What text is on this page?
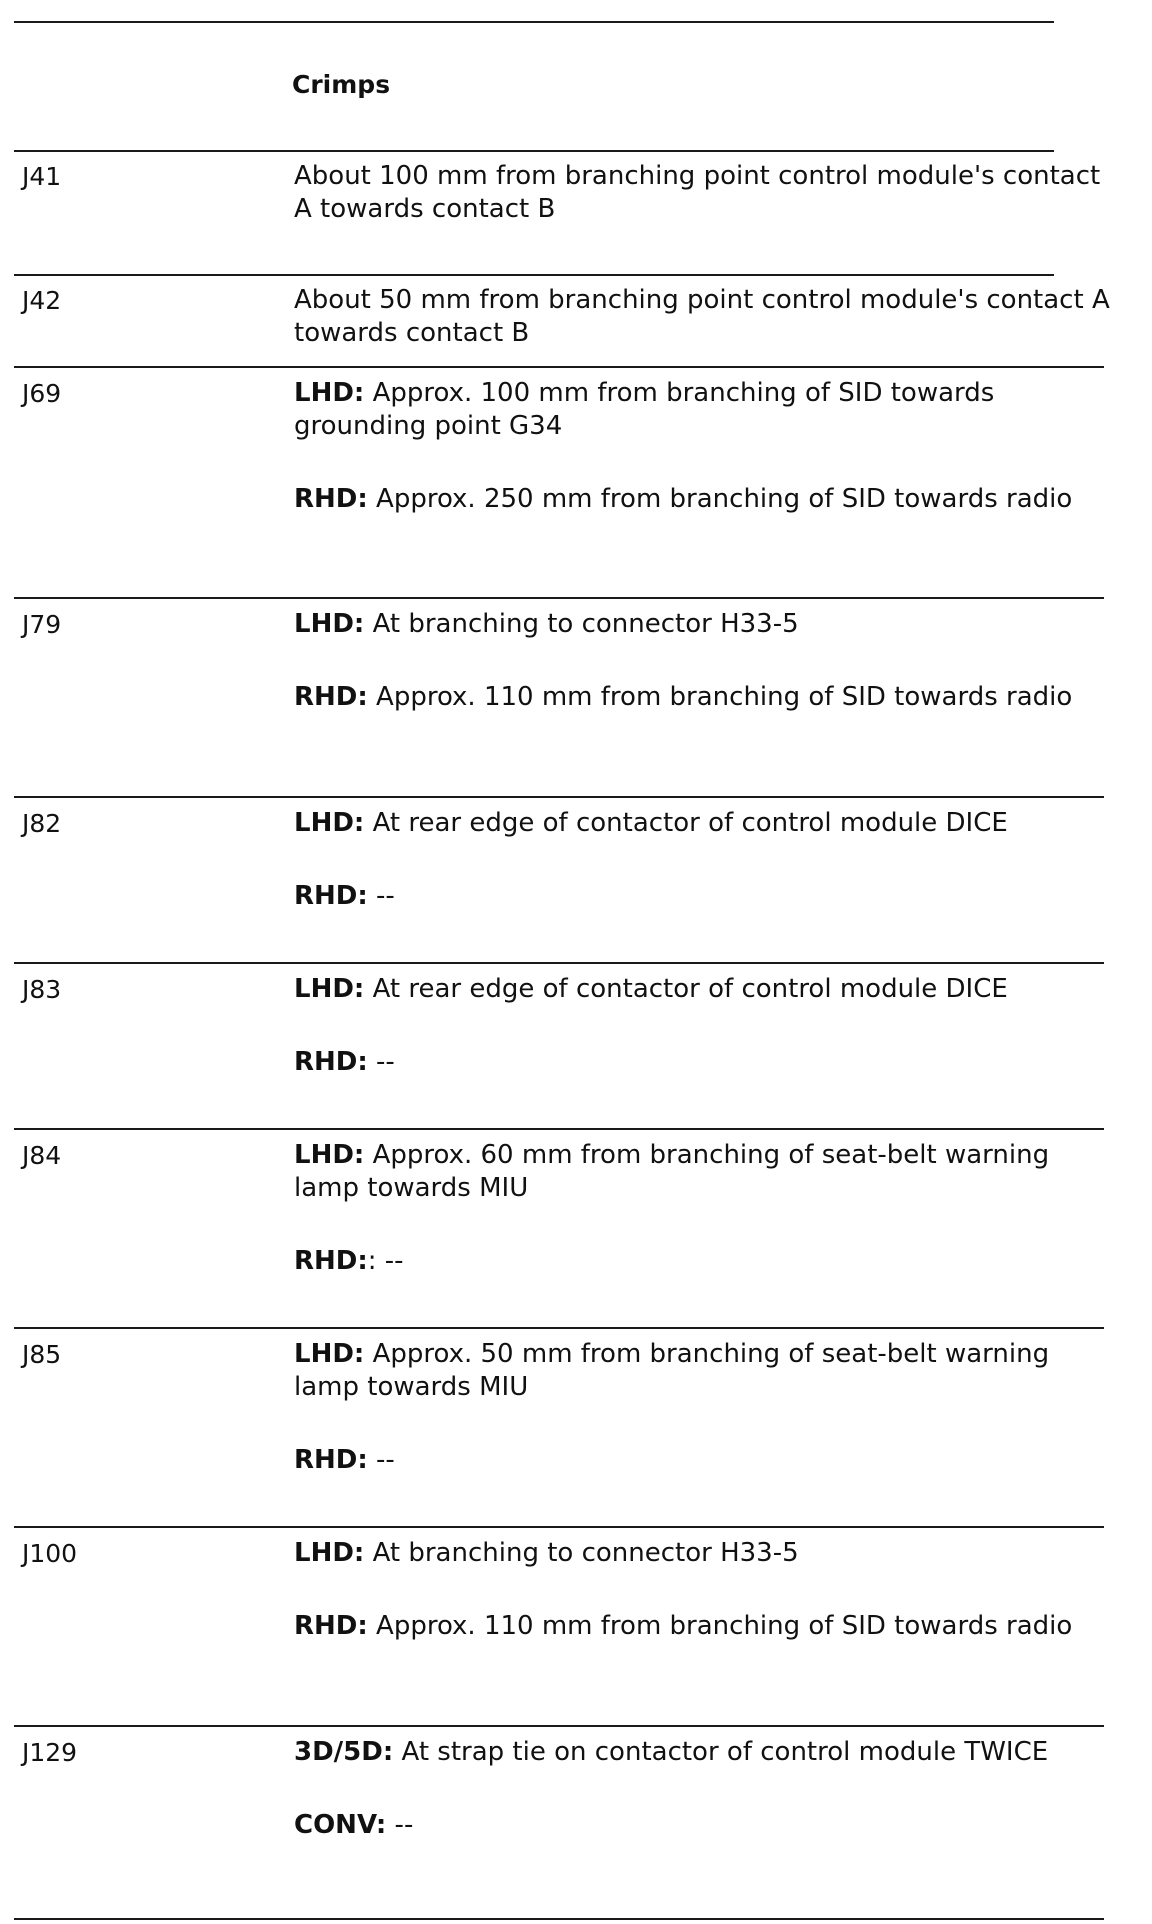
Crimps
J41	About 100 mm from branching point control module's contact A towards contact B
J42	About 50 mm from branching point control module's contact A towards contact B
J69	LHD: Approx. 100 mm from branching of SID towards grounding point G34
RHD: Approx. 250 mm from branching of SID towards radio
J79	LHD: At branching to connector H33-5
RHD: Approx. 110 mm from branching of SID towards radio
J82	LHD: At rear edge of contactor of control module DICE
RHD: --
J83	LHD: At rear edge of contactor of control module DICE
RHD: --
J84	LHD: Approx. 60 mm from branching of seat-belt warning lamp towards MIU
RHD:: --
J85	LHD: Approx. 50 mm from branching of seat-belt warning lamp towards MIU
RHD: --
J100	LHD: At branching to connector H33-5
RHD: Approx. 110 mm from branching of SID towards radio
J129	3D/5D: At strap tie on contactor of control module TWICE
CONV: --
